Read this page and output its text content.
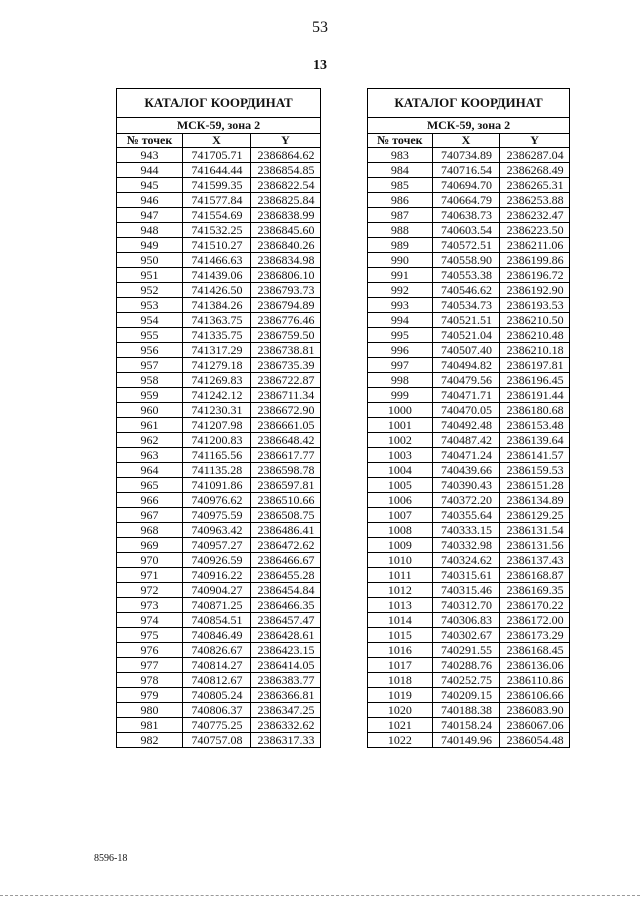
53
13
КАТАЛОГ КООРДИНАТ		
МСК-59, зона 2		
№ точек	X	Y
943	741705.71	2386864.62
944	741644.44	2386854.85
945	741599.35	2386822.54
946	741577.84	2386825.84
947	741554.69	2386838.99
948	741532.25	2386845.60
949	741510.27	2386840.26
950	741466.63	2386834.98
951	741439.06	2386806.10
952	741426.50	2386793.73
953	741384.26	2386794.89
954	741363.75	2386776.46
955	741335.75	2386759.50
956	741317.29	2386738.81
957	741279.18	2386735.39
958	741269.83	2386722.87
959	741242.12	2386711.34
960	741230.31	2386672.90
961	741207.98	2386661.05
962	741200.83	2386648.42
963	741165.56	2386617.77
964	741135.28	2386598.78
965	741091.86	2386597.81
966	740976.62	2386510.66
967	740975.59	2386508.75
968	740963.42	2386486.41
969	740957.27	2386472.62
970	740926.59	2386466.67
971	740916.22	2386455.28
972	740904.27	2386454.84
973	740871.25	2386466.35
974	740854.51	2386457.47
975	740846.49	2386428.61
976	740826.67	2386423.15
977	740814.27	2386414.05
978	740812.67	2386383.77
979	740805.24	2386366.81
980	740806.37	2386347.25
981	740775.25	2386332.62
982	740757.08	2386317.33
КАТАЛОГ КООРДИНАТ		
МСК-59, зона 2		
№ точек	X	Y
983	740734.89	2386287.04
984	740716.54	2386268.49
985	740694.70	2386265.31
986	740664.79	2386253.88
987	740638.73	2386232.47
988	740603.54	2386223.50
989	740572.51	2386211.06
990	740558.90	2386199.86
991	740553.38	2386196.72
992	740546.62	2386192.90
993	740534.73	2386193.53
994	740521.51	2386210.50
995	740521.04	2386210.48
996	740507.40	2386210.18
997	740494.82	2386197.81
998	740479.56	2386196.45
999	740471.71	2386191.44
1000	740470.05	2386180.68
1001	740492.48	2386153.48
1002	740487.42	2386139.64
1003	740471.24	2386141.57
1004	740439.66	2386159.53
1005	740390.43	2386151.28
1006	740372.20	2386134.89
1007	740355.64	2386129.25
1008	740333.15	2386131.54
1009	740332.98	2386131.56
1010	740324.62	2386137.43
1011	740315.61	2386168.87
1012	740315.46	2386169.35
1013	740312.70	2386170.22
1014	740306.83	2386172.00
1015	740302.67	2386173.29
1016	740291.55	2386168.45
1017	740288.76	2386136.06
1018	740252.75	2386110.86
1019	740209.15	2386106.66
1020	740188.38	2386083.90
1021	740158.24	2386067.06
1022	740149.96	2386054.48
8596-18
